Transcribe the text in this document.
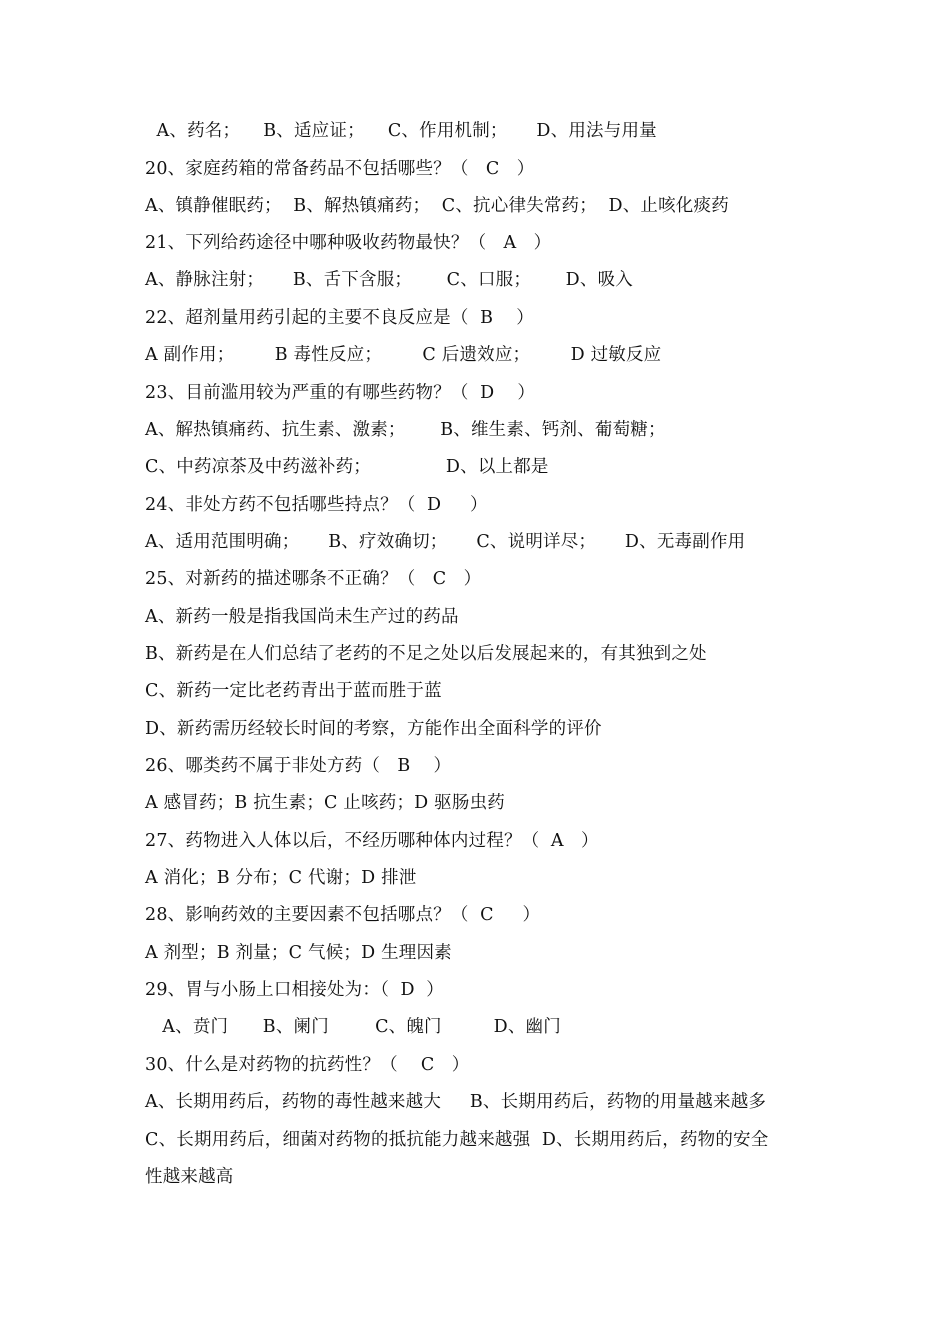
A、药名；    B、适应证；    C、作用机制；     D、用法与用量
20、家庭药箱的常备药品不包括哪些？（   C   ）
A、镇静催眠药；  B、解热镇痛药；  C、抗心律失常药；  D、止咳化痰药
21、下列给药途径中哪种吸收药物最快？（   A   ）
A、静脉注射；     B、舌下含服；      C、口服；      D、吸入
22、超剂量用药引起的主要不良反应是（  B    ）
A 副作用；       B 毒性反应；       C 后遗效应；       D 过敏反应
23、目前滥用较为严重的有哪些药物？（  D    ）
A、解热镇痛药、抗生素、激素；      B、维生素、钙剂、葡萄糖；
C、中药凉茶及中药滋补药；             D、以上都是
24、非处方药不包括哪些持点？（  D     ）
A、适用范围明确；     B、疗效确切；     C、说明详尽；     D、无毒副作用
25、对新药的描述哪条不正确？（   C   ）
A、新药一般是指我国尚未生产过的药品
B、新药是在人们总结了老药的不足之处以后发展起来的，有其独到之处
C、新药一定比老药青出于蓝而胜于蓝
D、新药需历经较长时间的考察，方能作出全面科学的评价
26、哪类药不属于非处方药（   B    ）
A 感冒药；B 抗生素；C 止咳药；D 驱肠虫药
27、药物进入人体以后，不经历哪种体内过程？（  A   ）
A 消化；B 分布；C 代谢；D 排泄
28、影响药效的主要因素不包括哪点？（  C     ）
A 剂型；B 剂量；C 气候；D 生理因素
29、胃与小肠上口相接处为：（  D  ）
A、贲门      B、阑门        C、魄门         D、幽门
30、什么是对药物的抗药性？（    C   ）
A、长期用药后，药物的毒性越来越大     B、长期用药后，药物的用量越来越多
C、长期用药后，细菌对药物的抵抗能力越来越强  D、长期用药后，药物的安全
性越来越高
